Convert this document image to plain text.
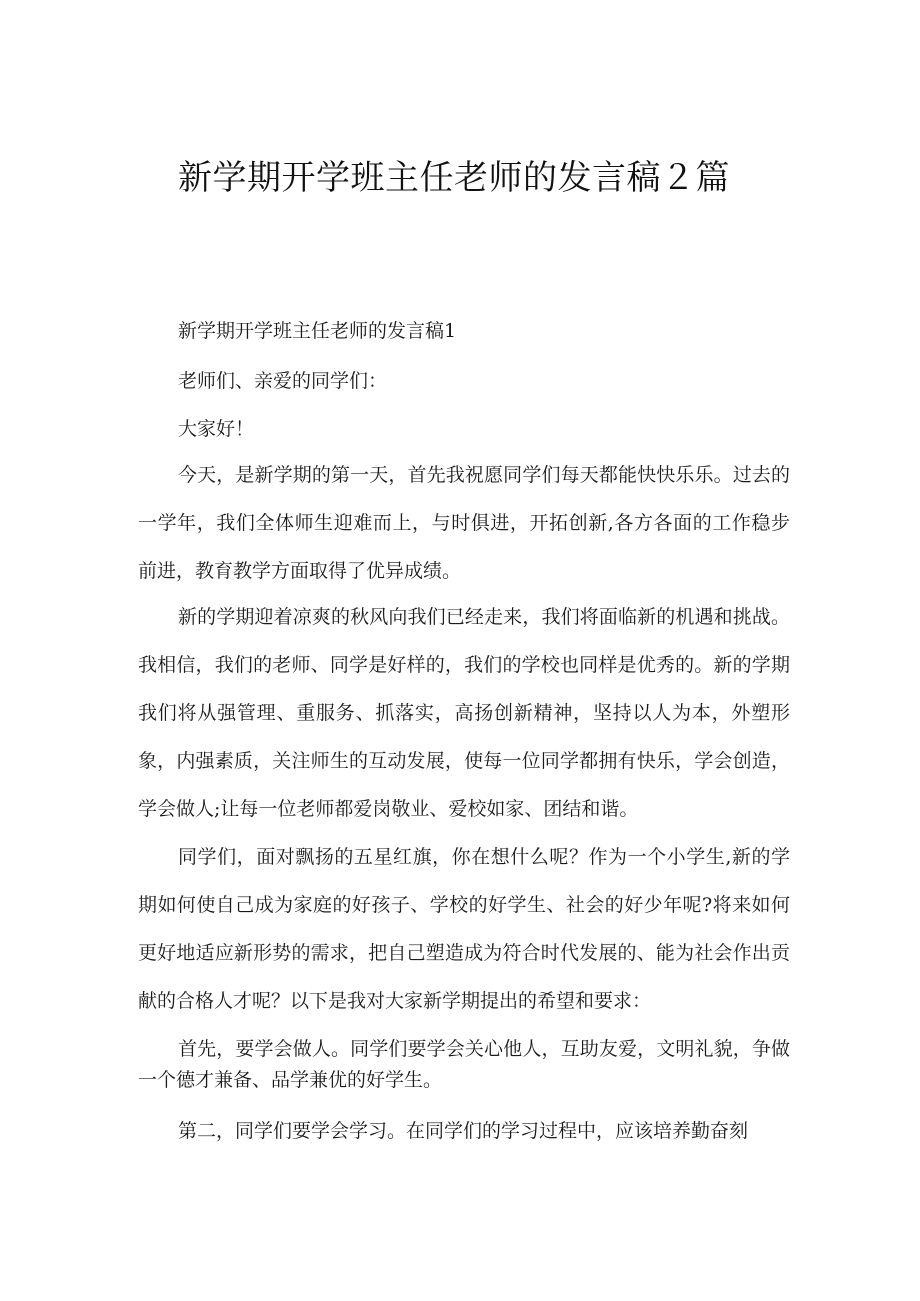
新学期开学班主任老师的发言稿２篇

新学期开学班主任老师的发言稿1

老师们、亲爱的同学们：

大家好！

今天，是新学期的第一天，首先我祝愿同学们每天都能快快乐乐。过去的一学年，我们全体师生迎难而上，与时俱进，开拓创新,各方各面的工作稳步前进，教育教学方面取得了优异成绩。

新的学期迎着凉爽的秋风向我们已经走来，我们将面临新的机遇和挑战。我相信，我们的老师、同学是好样的，我们的学校也同样是优秀的。新的学期我们将从强管理、重服务、抓落实，高扬创新精神，坚持以人为本，外塑形象，内强素质，关注师生的互动发展，使每一位同学都拥有快乐，学会创造，学会做人;让每一位老师都爱岗敬业、爱校如家、团结和谐。

同学们，面对飘扬的五星红旗，你在想什么呢？作为一个小学生,新的学期如何使自己成为家庭的好孩子、学校的好学生、社会的好少年呢?将来如何更好地适应新形势的需求，把自己塑造成为符合时代发展的、能为社会作出贡献的合格人才呢？以下是我对大家新学期提出的希望和要求：

首先，要学会做人。同学们要学会关心他人，互助友爱，文明礼貌，争做一个德才兼备、品学兼优的好学生。

第二，同学们要学会学习。在同学们的学习过程中，应该培养勤奋刻
